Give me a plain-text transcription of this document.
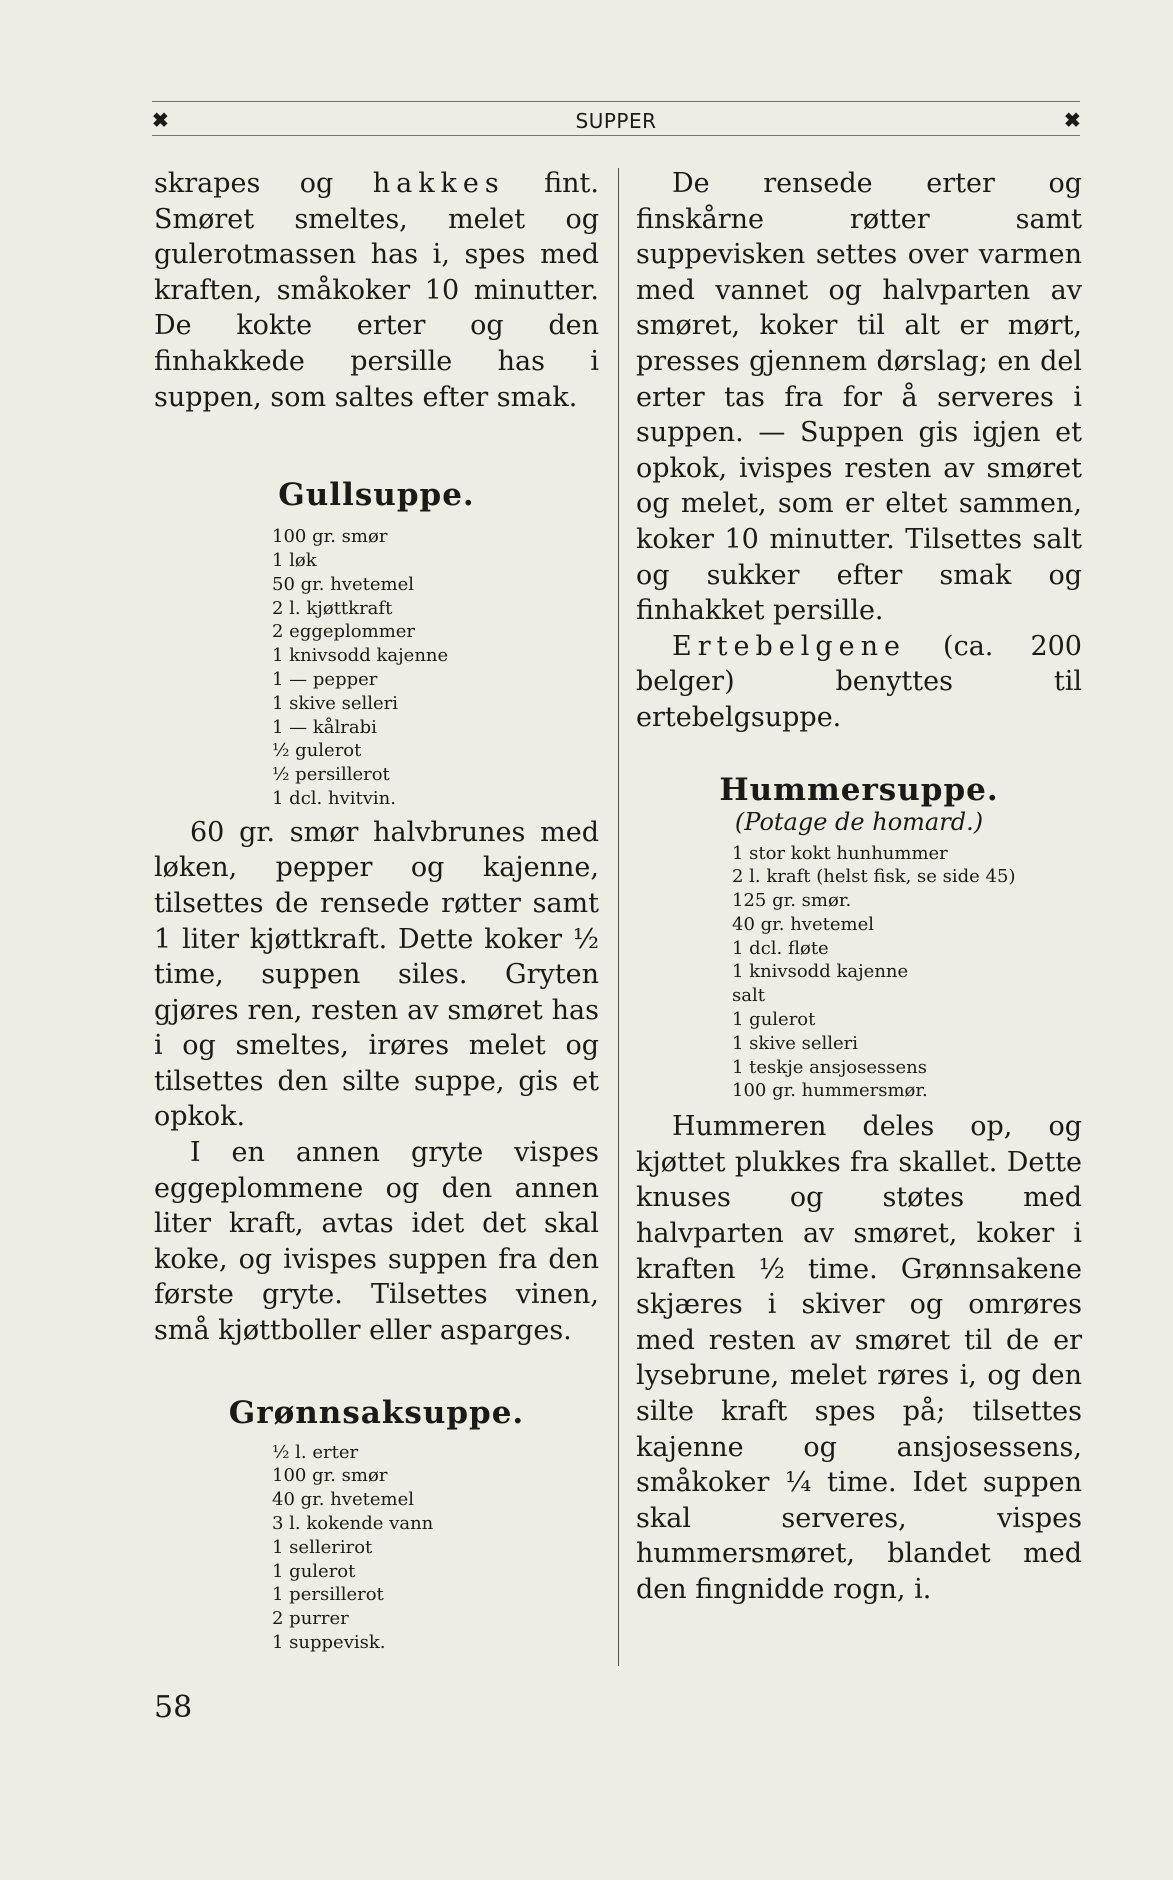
✖	SUPPER	✖

skrapes og hakkes fint. Smøret smeltes, melet og gulerotmassen has i, spes med kraften, småkoker 10 minutter. De kokte erter og den finhakkede persille has i suppen, som saltes efter smak.

Gullsuppe.
100 gr. smør
1 løk
50 gr. hvetemel
2 l. kjøttkraft
2 eggeplommer
1 knivsodd kajenne
1 — pepper
1 skive selleri
1 — kålrabi
½ gulerot
½ persillerot
1 dcl. hvitvin.

60 gr. smør halvbrunes med løken, pepper og kajenne, tilsettes de rensede røtter samt 1 liter kjøttkraft. Dette koker ½ time, suppen siles. Gryten gjøres ren, resten av smøret has i og smeltes, irøres melet og tilsettes den silte suppe, gis et opkok.

I en annen gryte vispes eggeplommene og den annen liter kraft, avtas idet det skal koke, og ivispes suppen fra den første gryte. Tilsettes vinen, små kjøttboller eller asparges.

Grønnsaksuppe.
½ l. erter
100 gr. smør
40 gr. hvetemel
3 l. kokende vann
1 sellerirot
1 gulerot
1 persillerot
2 purrer
1 suppevisk.

De rensede erter og finskårne røtter samt suppevisken settes over varmen med vannet og halvparten av smøret, koker til alt er mørt, presses gjennem dørslag; en del erter tas fra for å serveres i suppen. — Suppen gis igjen et opkok, ivispes resten av smøret og melet, som er eltet sammen, koker 10 minutter. Tilsettes salt og sukker efter smak og finhakket persille.

Ertebelgene (ca. 200 belger) benyttes til ertebelgsuppe.

Hummersuppe.

(Potage de homard.)

1 stor kokt hunhummer
2 l. kraft (helst fisk, se side 45)
125 gr. smør.
40 gr. hvetemel
1 dcl. fløte
1 knivsodd kajenne
salt
1 gulerot
1 skive selleri
1 teskje ansjosessens
100 gr. hummersmør.

Hummeren deles op, og kjøttet plukkes fra skallet. Dette knuses og støtes med halvparten av smøret, koker i kraften ½ time. Grønnsakene skjæres i skiver og omrøres med resten av smøret til de er lysebrune, melet røres i, og den silte kraft spes på; tilsettes kajenne og ansjosessens, småkoker ¼ time. Idet suppen skal serveres, vispes hummersmøret, blandet med den fingnidde rogn, i.

58
